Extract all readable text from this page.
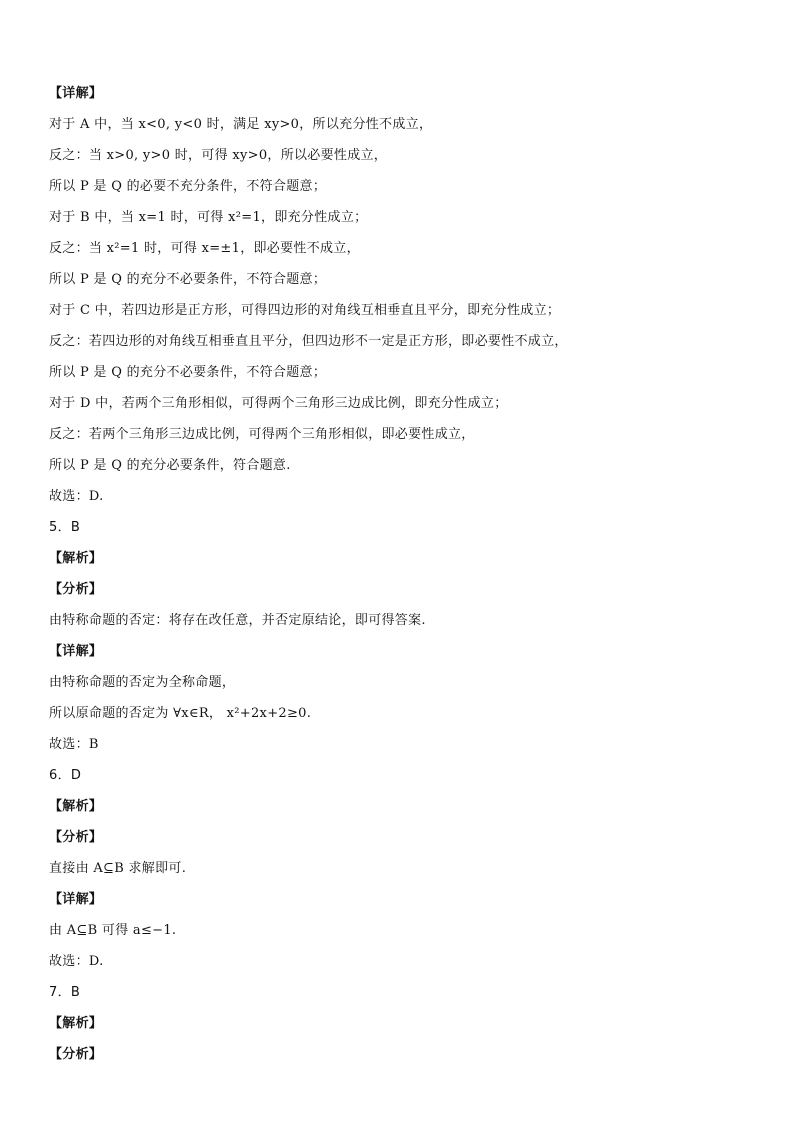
【详解】
对于 A 中，当 x<0, y<0 时，满足 xy>0，所以充分性不成立，
反之：当 x>0, y>0 时，可得 xy>0，所以必要性成立，
所以 P 是 Q 的必要不充分条件，不符合题意；
对于 B 中，当 x=1 时，可得 x²=1，即充分性成立；
反之：当 x²=1 时，可得 x=±1，即必要性不成立，
所以 P 是 Q 的充分不必要条件，不符合题意；
对于 C 中，若四边形是正方形，可得四边形的对角线互相垂直且平分，即充分性成立；
反之：若四边形的对角线互相垂直且平分，但四边形不一定是正方形，即必要性不成立，
所以 P 是 Q 的充分不必要条件，不符合题意；
对于 D 中，若两个三角形相似，可得两个三角形三边成比例，即充分性成立；
反之：若两个三角形三边成比例，可得两个三角形相似，即必要性成立，
所以 P 是 Q 的充分必要条件，符合题意.
故选：D.
5．B
【解析】
【分析】
由特称命题的否定：将存在改任意，并否定原结论，即可得答案.
【详解】
由特称命题的否定为全称命题，
所以原命题的否定为 ∀x∈R， x²+2x+2≥0.
故选：B
6．D
【解析】
【分析】
直接由 A⊆B 求解即可.
【详解】
由 A⊆B 可得 a≤−1.
故选：D.
7．B
【解析】
【分析】
